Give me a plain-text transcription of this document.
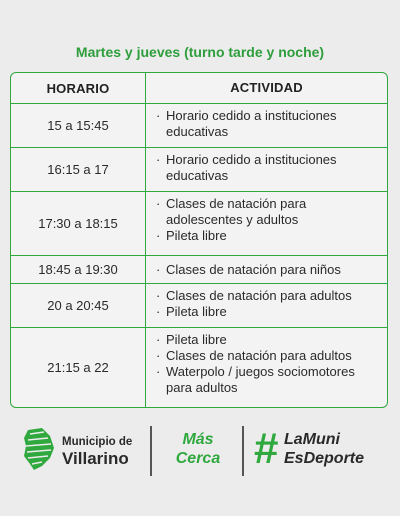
Martes y jueves (turno tarde y noche)
HORARIO	ACTIVIDAD
15 a 15:45
· Horario cedido a instituciones educativas
16:15 a 17
· Horario cedido a instituciones educativas
17:30 a 18:15
· Clases de natación para adolescentes y adultos
· Pileta libre
18:45 a 19:30	· Clases de natación para niños
20 a 20:45
· Clases de natación para adultos
· Pileta libre
21:15 a 22
· Pileta libre
· Clases de natación para adultos
· Waterpolo / juegos sociomotores para adultos
Municipio de
Villarino
Más
Cerca # LaMuni
EsDeporte
